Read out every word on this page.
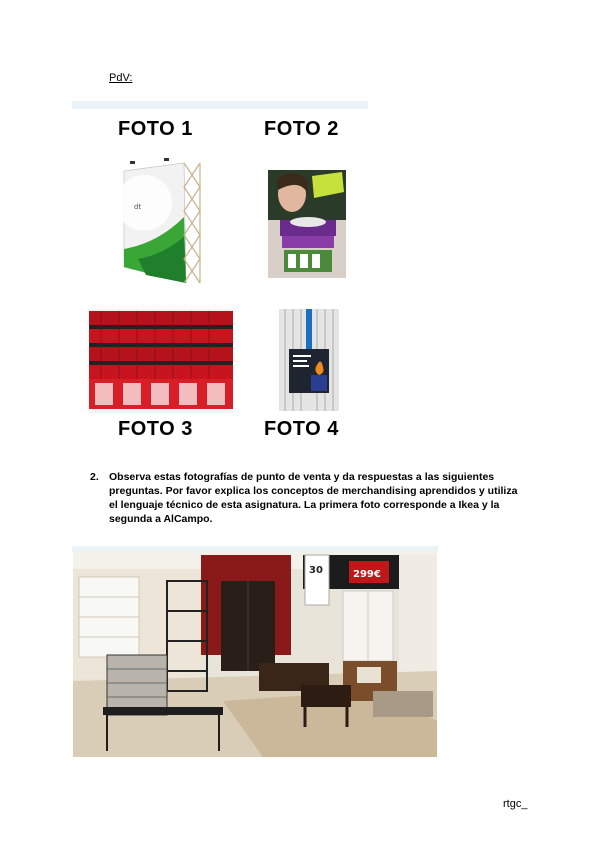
PdV:
FOTO 1	FOTO 2
dt
FOTO 3	FOTO 4
2. Observa estas fotografías de punto de venta y da respuestas a las siguientes preguntas. Por favor explica los conceptos de merchandising aprendidos y utiliza el lenguaje técnico de esta asignatura. La primera foto corresponde a Ikea y la segunda a AlCampo.
30	299€
rtgc_
